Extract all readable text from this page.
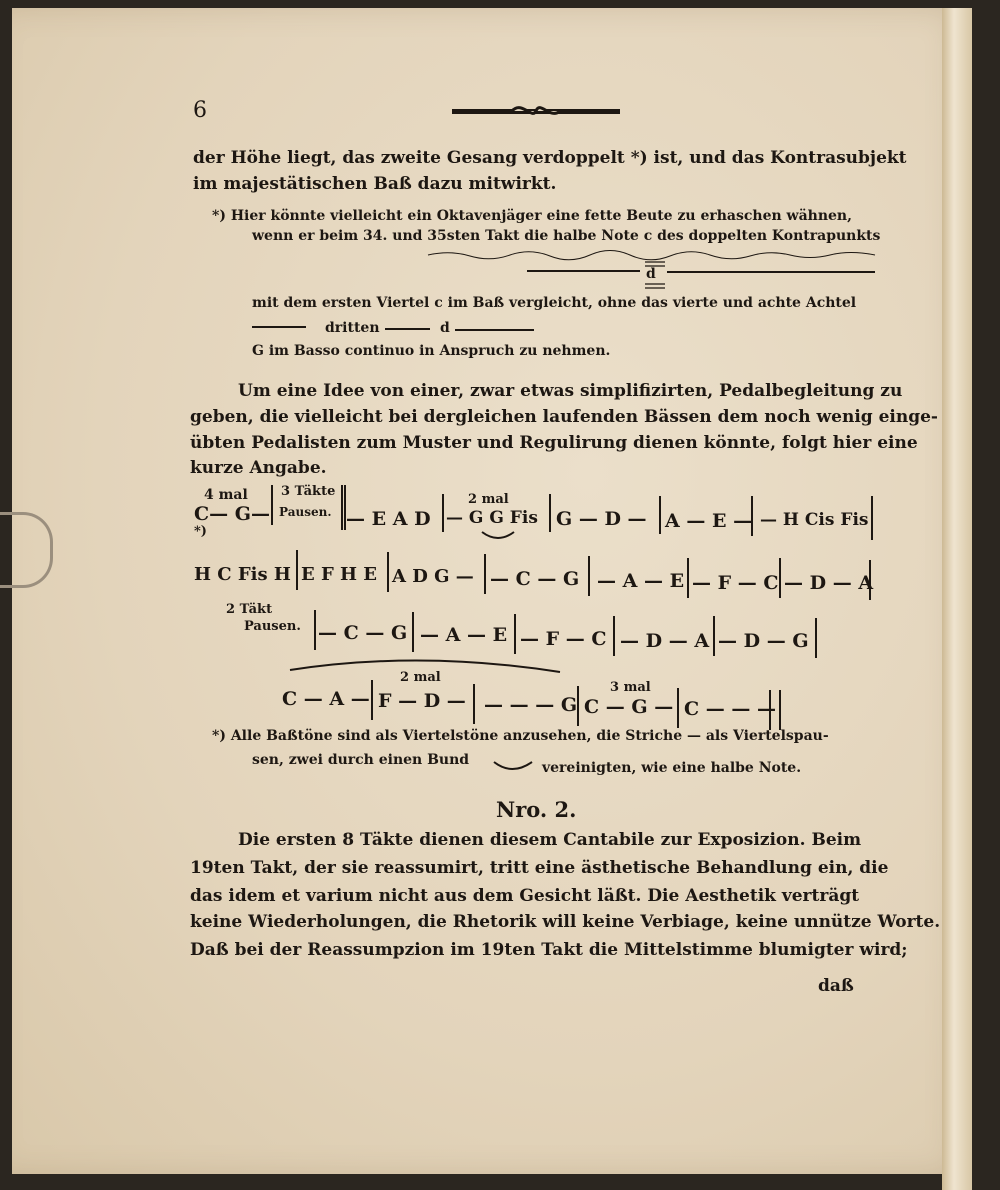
6
der Höhe liegt, das zweite Gesang verdoppelt *) ist, und das Kontrasubjekt
im majestätischen Baß dazu mitwirkt.
*) Hier könnte vielleicht ein Oktavenjäger eine fette Beute zu erhaschen wähnen,
wenn er beim 34. und 35sten Takt die halbe Note c des doppelten Kontrapunkts
d
mit dem ersten Viertel c im Baß vergleicht, ohne das vierte und achte Achtel
dritten	d
G im Basso continuo in Anspruch zu nehmen.
Um eine Idee von einer, zwar etwas simplifizirten, Pedalbegleitung zu
geben, die vielleicht bei dergleichen laufenden Bässen dem noch wenig einge-
übten Pedalisten zum Muster und Regulirung dienen könnte, folgt hier eine
kurze Angabe.
4 mal	3 Täkte
Pausen.
C— G—
*)
— E A D
2 mal
— G G Fis G — D — A — E — — H Cis Fis
H C Fis H E F H E A D G — — C — G — A — E — F — C — D — A
2 Täkt
Pausen. — C — G — A — E — F — C — D — A — D — G
2 mal
3 mal
C — A — F — D — — — — G C — G — C — — —
*) Alle Baßtöne sind als Viertelstöne anzusehen, die Striche — als Viertelspau-
sen, zwei durch einen Bund	vereinigten, wie eine halbe Note.
Nro. 2.
Die ersten 8 Täkte dienen diesem Cantabile zur Exposizion. Beim
19ten Takt, der sie reassumirt, tritt eine ästhetische Behandlung ein, die
das idem et varium nicht aus dem Gesicht läßt. Die Aesthetik verträgt
keine Wiederholungen, die Rhetorik will keine Verbiage, keine unnütze Worte.
Daß bei der Reassumpzion im 19ten Takt die Mittelstimme blumigter wird;
daß
